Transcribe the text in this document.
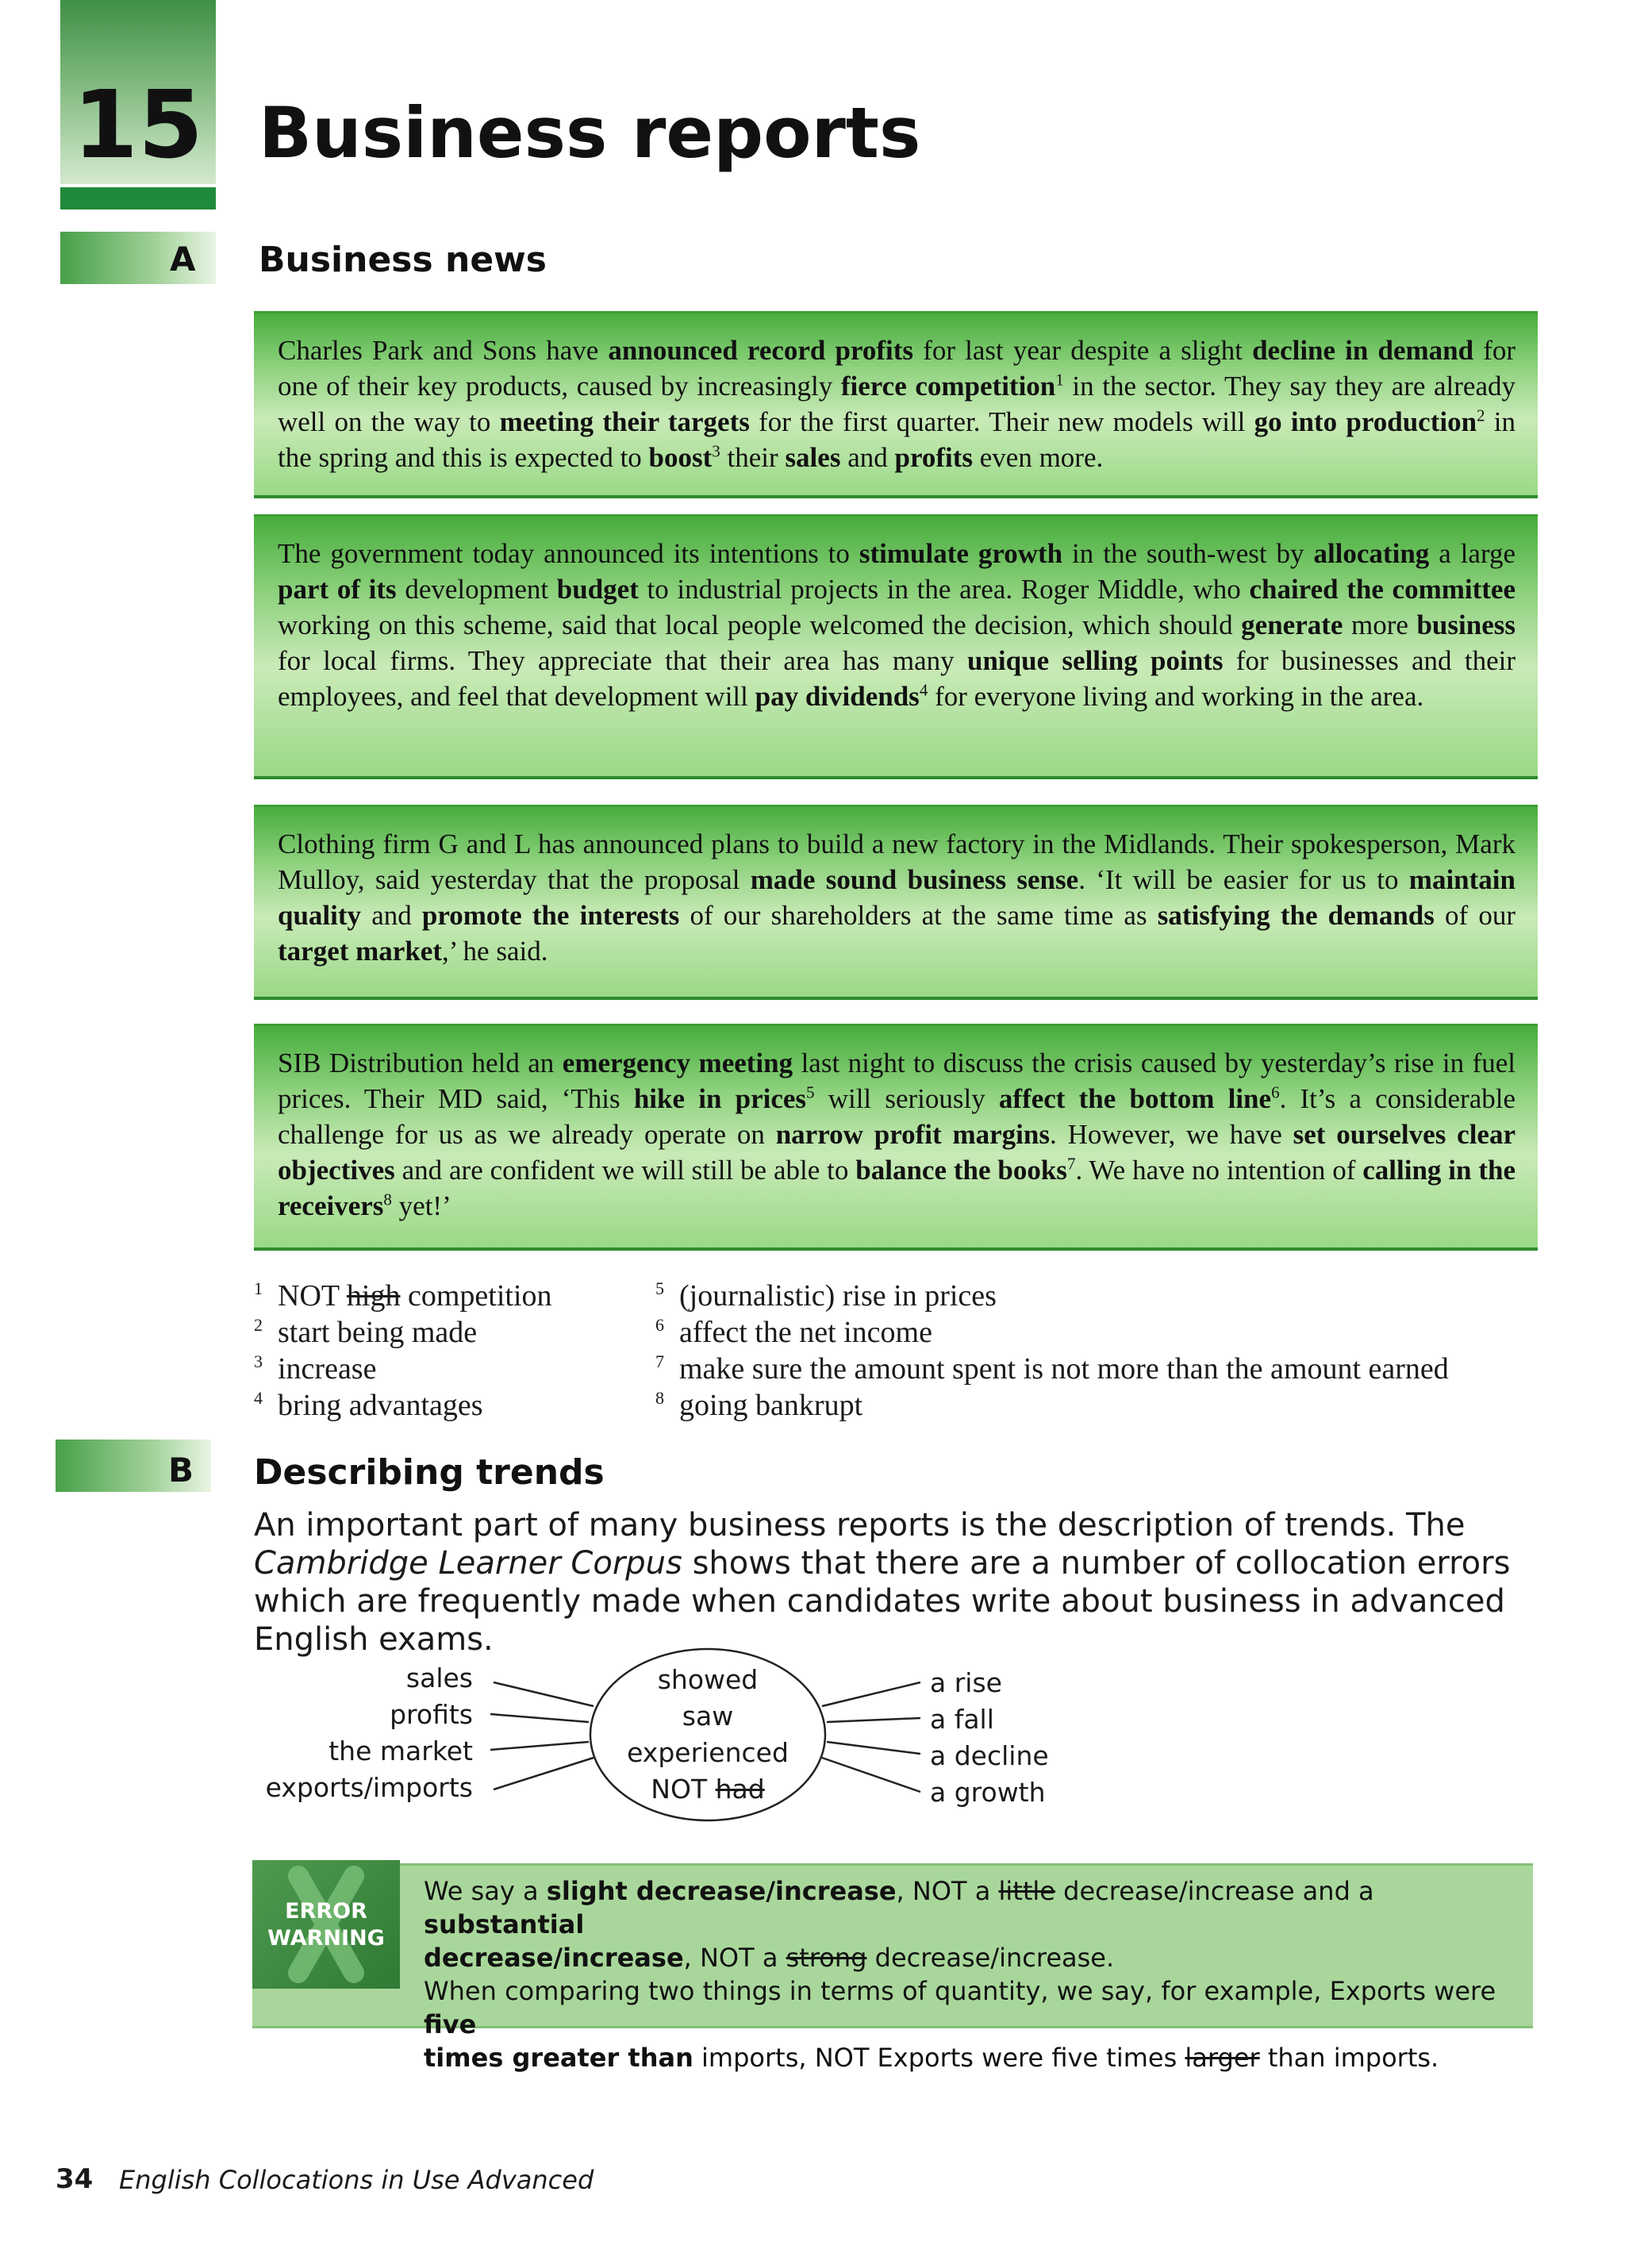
15 Business reports
A Business news
Charles Park and Sons have announced record profits for last year despite a slight decline in demand for one of their key products, caused by increasingly fierce competition$^1$ in the sector. They say they are already well on the way to meeting their targets for the first quarter. Their new models will go into production$^2$ in the spring and this is expected to boost$^3$ their sales and profits even more.
The government today announced its intentions to stimulate growth in the south-west by allocating a large part of its development budget to industrial projects in the area. Roger Middle, who chaired the committee working on this scheme, said that local people welcomed the decision, which should generate more business for local firms. They appreciate that their area has many unique selling points for businesses and their employees, and feel that development will pay dividends$^4$ for everyone living and working in the area.
Clothing firm G and L has announced plans to build a new factory in the Midlands. Their spokesperson, Mark Mulloy, said yesterday that the proposal made sound business sense. ‘It will be easier for us to maintain quality and promote the interests of our shareholders at the same time as satisfying the demands of our target market,’ he said.
SIB Distribution held an emergency meeting last night to discuss the crisis caused by yesterday’s rise in fuel prices. Their MD said, ‘This hike in prices$^5$ will seriously affect the bottom line$^6$. It’s a considerable challenge for us as we already operate on narrow profit margins. However, we have set ourselves clear objectives and are confident we will still be able to balance the books$^7$. We have no intention of calling in the receivers$^8$ yet!’
1 NOT high competition
2 start being made
3 increase
4 bring advantages
5 (journalistic) rise in prices
6 affect the net income
7 make sure the amount spent is not more than the amount earned
8 going bankrupt
B Describing trends
An important part of many business reports is the description of trends. The Cambridge Learner Corpus shows that there are a number of collocation errors which are frequently made when candidates write about business in advanced English exams.
sales
profits
the market
exports/imports
showed
saw
experienced
NOT had
a rise
a fall
a decline
a growth
ERROR
WARNING
We say a slight decrease/increase, NOT a little decrease/increase and a substantial
decrease/increase, NOT a strong decrease/increase.
When comparing two things in terms of quantity, we say, for example, Exports were five
times greater than imports, NOT Exports were five times larger than imports.
34 English Collocations in Use Advanced
